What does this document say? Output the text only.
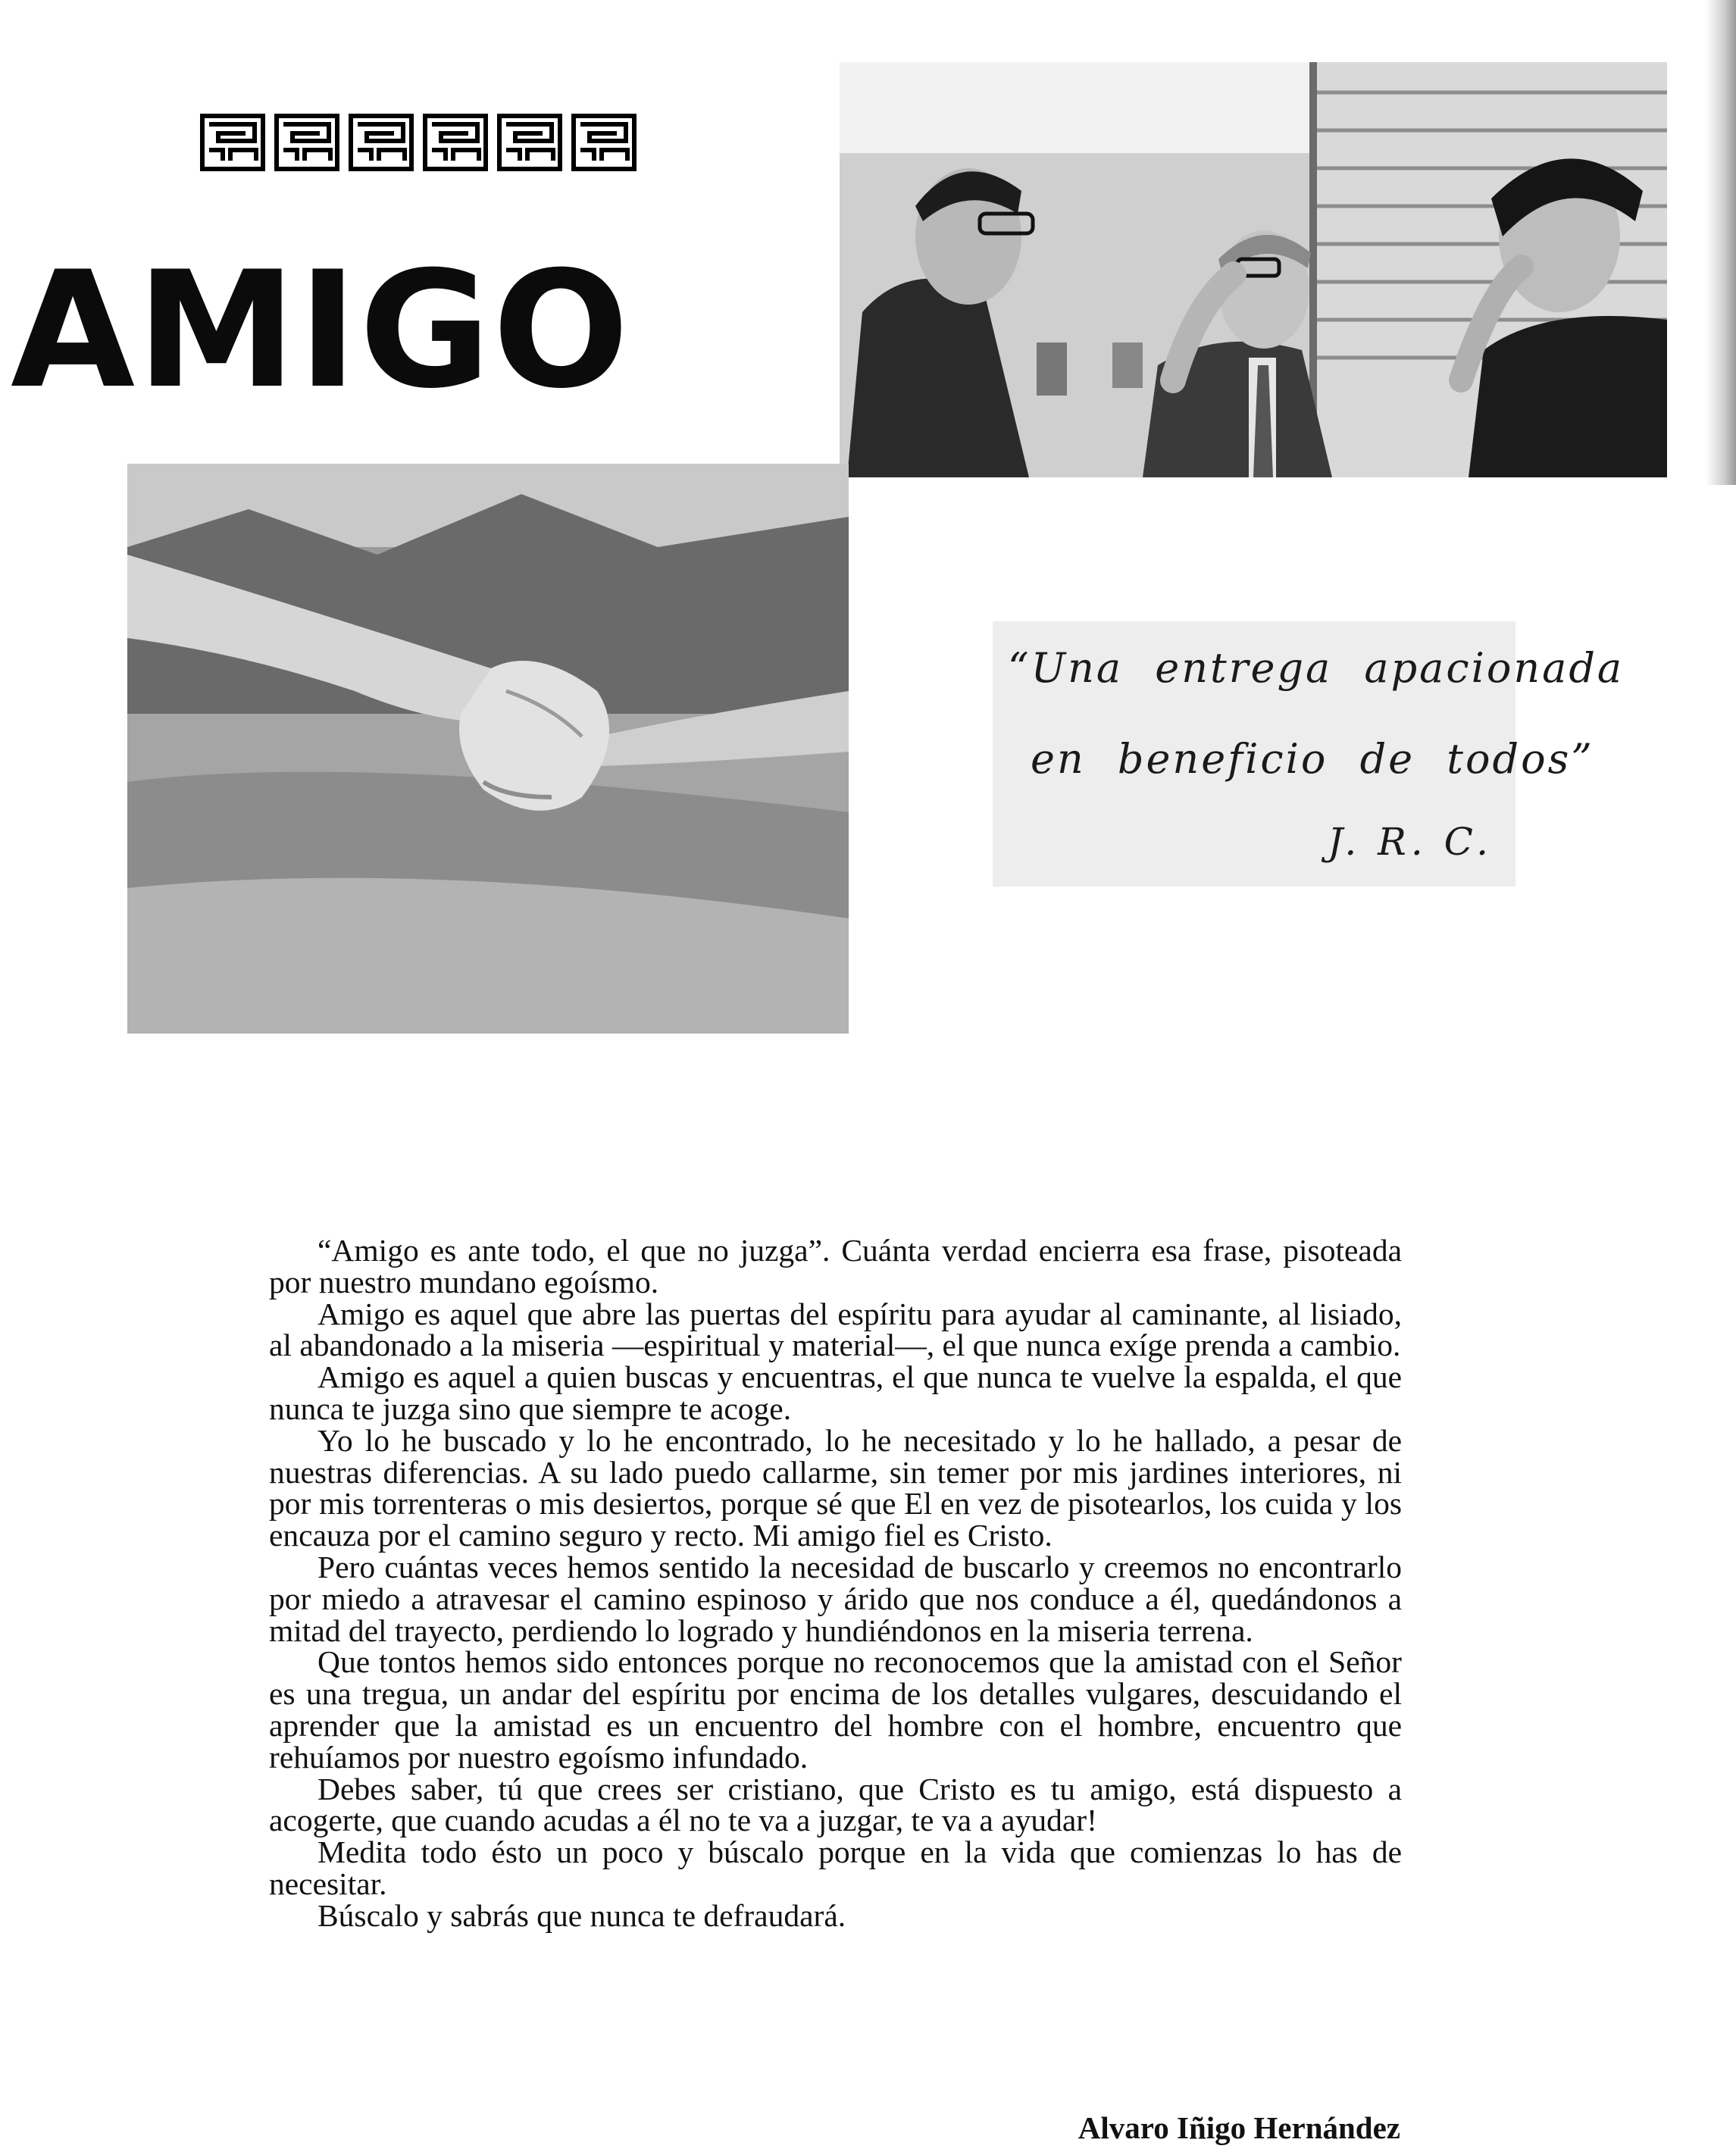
AMIGO
“Una entrega apacionada
en beneficio de todos”
J. R. C.

“Amigo es ante todo, el que no juzga”. Cuánta verdad encierra esa frase, pisoteada por nuestro mundano egoísmo.

Amigo es aquel que abre las puertas del espíritu para ayudar al caminante, al lisiado, al abandonado a la miseria —espiritual y material—, el que nunca exíge prenda a cambio.

Amigo es aquel a quien buscas y encuentras, el que nunca te vuelve la espalda, el que nunca te juzga sino que siempre te acoge.

Yo lo he buscado y lo he encontrado, lo he necesitado y lo he hallado, a pesar de nuestras diferencias. A su lado puedo callarme, sin temer por mis jardines interiores, ni por mis torrenteras o mis desiertos, porque sé que El en vez de pisotearlos, los cuida y los encauza por el camino seguro y recto. Mi amigo fiel es Cristo.

Pero cuántas veces hemos sentido la necesidad de buscarlo y creemos no encontrarlo por miedo a atravesar el camino espinoso y árido que nos conduce a él, quedándonos a mitad del trayecto, perdiendo lo logrado y hundiéndonos en la miseria terrena.

Que tontos hemos sido entonces porque no reconocemos que la amistad con el Señor es una tregua, un andar del espíritu por encima de los detalles vulgares, descuidando el aprender que la amistad es un encuentro del hombre con el hombre, encuentro que rehuíamos por nuestro egoísmo infundado.

Debes saber, tú que crees ser cristiano, que Cristo es tu amigo, está dispuesto a acogerte, que cuando acudas a él no te va a juzgar, te va a ayudar!

Medita todo ésto un poco y búscalo porque en la vida que comienzas lo has de necesitar.

Búscalo y sabrás que nunca te defraudará.

Alvaro Iñigo Hernández
